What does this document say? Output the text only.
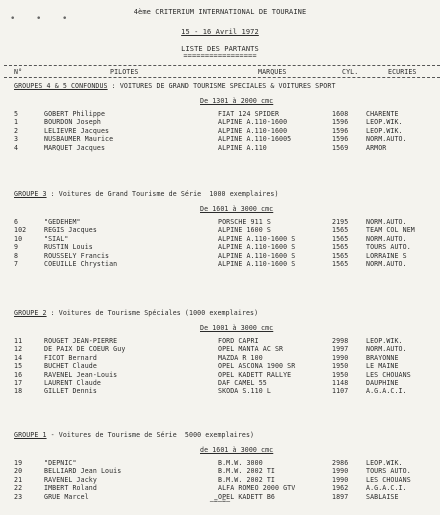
• • •
4ème CRITERIUM INTERNATIONAL DE TOURAINE
15 - 16 Avril 1972
LISTE DES PARTANTS
=================
N°	PILOTES	MARQUES	CYL.	ECURIES
GROUPES 4 & 5 CONFONDUS : VOITURES DE GRAND TOURISME SPECIALES & VOITURES SPORT
De 1301 à 2000 cmc
5	GOBERT Philippe	FIAT 124 SPIDER	1608	CHARENTE
1	BOURDON Joseph	ALPINE A.110-1600	1596	LEOP.WIK.
2	LELIEVRE Jacques	ALPINE A.110-1600	1596	LEOP.WIK.
3	NUSBAUMER Maurice	ALPINE A.110-16005	1596	NORM.AUTO.
4	MARQUET Jacques	ALPINE A.110	1569	ARMOR
GROUPE 3 : Voitures de Grand Tourisme de Série  1000 exemplaires)
De 1601 à 3000 cmc
6	"GEDEHEM"	PORSCHE 911 S	2195	NORM.AUTO.
102	REGIS Jacques	ALPINE 1600 S	1565	TEAM COL NEM
10	"SIAL"	ALPINE A.110-1600 S	1565	NORM.AUTO.
9	RUSTIN Louis	ALPINE A.110-1600 S	1565	TOURS AUTO.
8	ROUSSELY Francis	ALPINE A.110-1600 S	1565	LORRAINE S
7	COEUILLE Chrystian	ALPINE A.110-1600 S	1565	NORM.AUTO.
GROUPE 2 : Voitures de Tourisme Spéciales (1000 exemplaires)
De 1001 à 3000 cmc
11	ROUGET JEAN-PIERRE	FORD CAPRI	2998	LEOP.WIK.
12	DE PAIX DE COEUR Guy	OPEL MANTA AC SR	1997	NORM.AUTO.
14	FICOT Bernard	MAZDA R 100	1990	BRAYONNE
15	BUCHET Claude	OPEL ASCONA 1900 SR	1950	LE MAINE
16	RAVENEL Jean-Louis	OPEL KADETT RALLYE	1950	LES CHOUANS
17	LAURENT Claude	DAF CAMEL 55	1148	DAUPHINE
18	GILLET Dennis	SKODA S.110 L	1107	A.G.A.C.I.
GROUPE 1 - Voitures de Tourisme de Série  5000 exemplaires)
de 1601 à 3000 cmc
19	"DEPNIC"	B.M.W. 3000	2986	LEOP.WIK.
20	BELLIARD Jean Louis	B.M.W. 2002 TI	1990	TOURS AUTO.
21	RAVENEL Jacky	B.M.W. 2002 TI	1990	LES CHOUANS
22	IMBERT Roland	ALFA ROMEO 2000 GTV	1962	A.G.A.C.I.
23	GRUE Marcel	OPEL KADETT B6	1897	SABLAISE
—=—=—
